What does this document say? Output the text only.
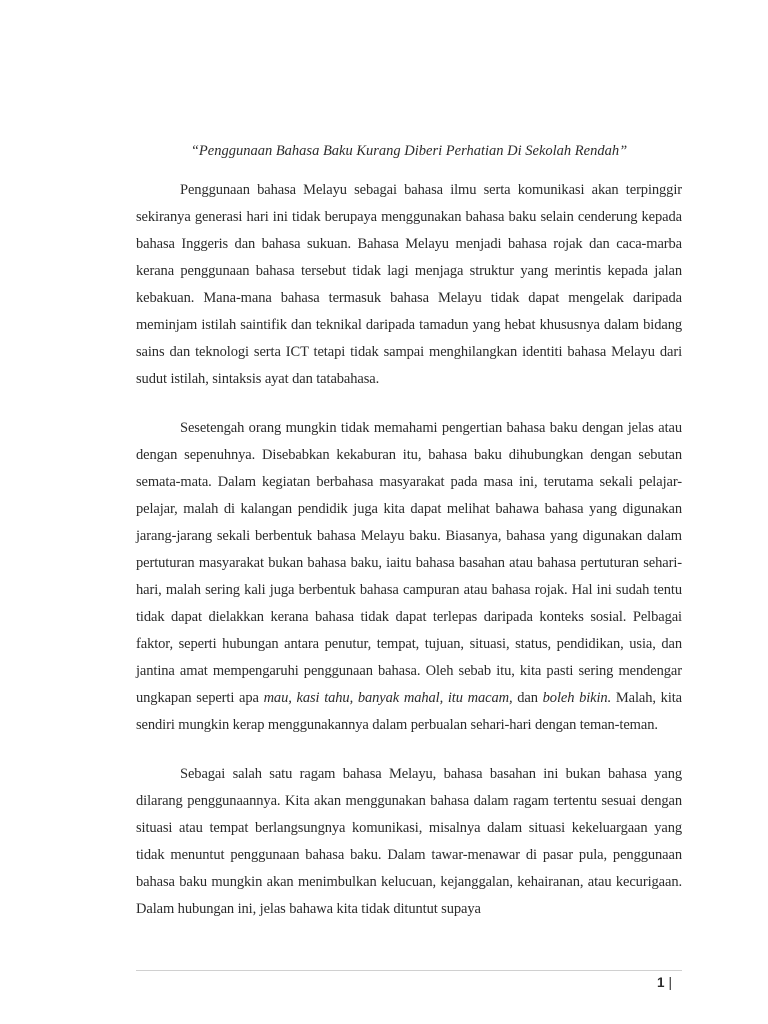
“Penggunaan Bahasa Baku Kurang Diberi Perhatian Di Sekolah Rendah”

Penggunaan bahasa Melayu sebagai bahasa ilmu serta komunikasi akan terpinggir sekiranya generasi hari ini tidak berupaya menggunakan bahasa baku selain cenderung kepada bahasa Inggeris dan bahasa sukuan. Bahasa Melayu menjadi bahasa rojak dan caca-marba kerana penggunaan bahasa tersebut tidak lagi menjaga struktur yang merintis kepada jalan kebakuan. Mana-mana bahasa termasuk bahasa Melayu tidak dapat mengelak daripada meminjam istilah saintifik dan teknikal daripada tamadun yang hebat khususnya dalam bidang sains dan teknologi serta ICT tetapi tidak sampai menghilangkan identiti bahasa Melayu dari sudut istilah, sintaksis ayat dan tatabahasa.

Sesetengah orang mungkin tidak memahami pengertian bahasa baku dengan jelas atau dengan sepenuhnya. Disebabkan kekaburan itu, bahasa baku dihubungkan dengan sebutan semata-mata. Dalam kegiatan berbahasa masyarakat pada masa ini, terutama sekali pelajar-pelajar, malah di kalangan pendidik juga kita dapat melihat bahawa bahasa yang digunakan jarang-jarang sekali berbentuk bahasa Melayu baku. Biasanya, bahasa yang digunakan dalam pertuturan masyarakat bukan bahasa baku, iaitu bahasa basahan atau bahasa pertuturan sehari-hari, malah sering kali juga berbentuk bahasa campuran atau bahasa rojak. Hal ini sudah tentu tidak dapat dielakkan kerana bahasa tidak dapat terlepas daripada konteks sosial. Pelbagai faktor, seperti hubungan antara penutur, tempat, tujuan, situasi, status, pendidikan, usia, dan jantina amat mempengaruhi penggunaan bahasa. Oleh sebab itu, kita pasti sering mendengar ungkapan seperti apa mau, kasi tahu, banyak mahal, itu macam, dan boleh bikin. Malah, kita sendiri mungkin kerap menggunakannya dalam perbualan sehari-hari dengan teman-teman.

Sebagai salah satu ragam bahasa Melayu, bahasa basahan ini bukan bahasa yang dilarang penggunaannya. Kita akan menggunakan bahasa dalam ragam tertentu sesuai dengan situasi atau tempat berlangsungnya komunikasi, misalnya dalam situasi kekeluargaan yang tidak menuntut penggunaan bahasa baku. Dalam tawar-menawar di pasar pula, penggunaan bahasa baku mungkin akan menimbulkan kelucuan, kejanggalan, kehairanan, atau kecurigaan. Dalam hubungan ini, jelas bahawa kita tidak dituntut supaya

1 |
